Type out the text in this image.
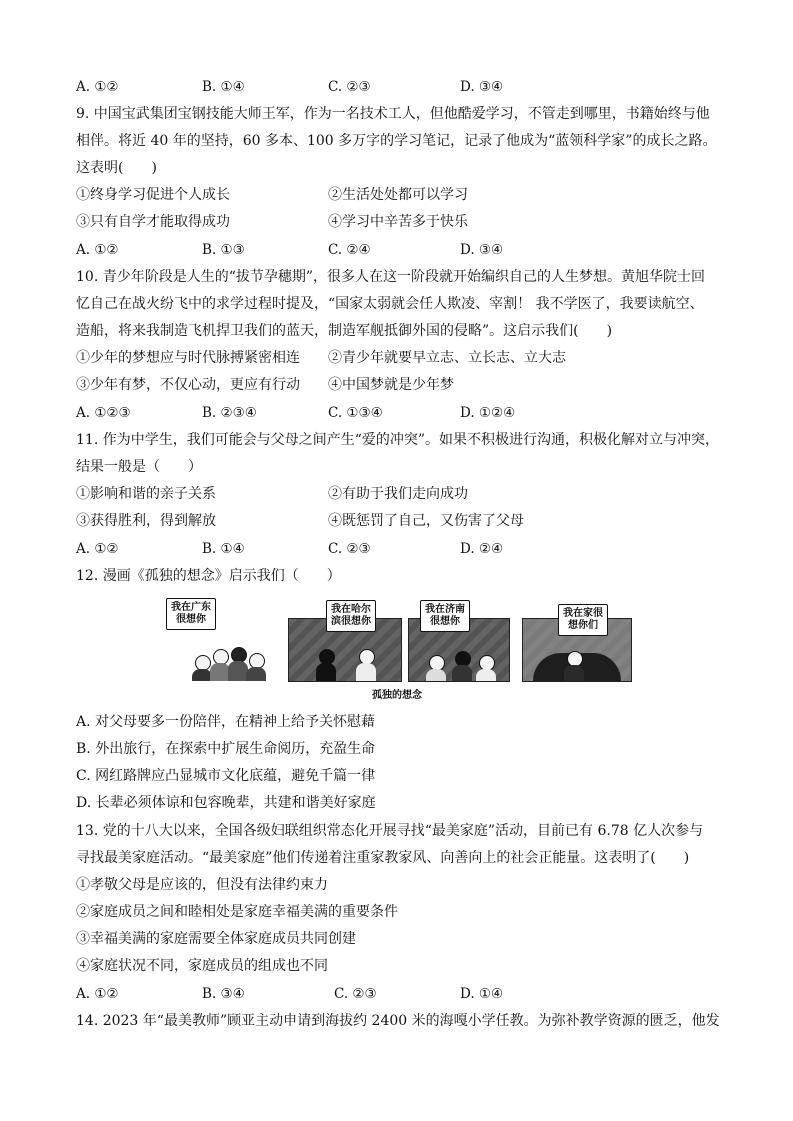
A. ①②	B. ①④	C. ②③	D. ③④
9. 中国宝武集团宝钢技能大师王军，作为一名技术工人，但他酷爱学习，不管走到哪里，书籍始终与他
相伴。将近 40 年的坚持，60 多本、100 多万字的学习笔记，记录了他成为“蓝领科学家”的成长之路。
这表明(　　)
①终身学习促进个人成长	②生活处处都可以学习
③只有自学才能取得成功	④学习中辛苦多于快乐
A. ①②	B. ①③	C. ②④	D. ③④
10. 青少年阶段是人生的“拔节孕穗期”，很多人在这一阶段就开始编织自己的人生梦想。黄旭华院士回
忆自己在战火纷飞中的求学过程时提及，“国家太弱就会任人欺凌、宰割！ 我不学医了，我要读航空、
造船，将来我制造飞机捍卫我们的蓝天，制造军舰抵御外国的侵略”。这启示我们(　　)
①少年的梦想应与时代脉搏紧密相连 ②青少年就要早立志、立长志、立大志
③少年有梦，不仅心动，更应有行动 ④中国梦就是少年梦
A. ①②③	B. ②③④	C. ①③④	D. ①②④
11. 作为中学生，我们可能会与父母之间产生“爱的冲突”。如果不积极进行沟通，积极化解对立与冲突，
结果一般是（　　）
①影响和谐的亲子关系	②有助于我们走向成功
③获得胜利，得到解放	④既惩罚了自己，又伤害了父母
A. ①②	B. ①④	C. ②③	D. ②④
12. 漫画《孤独的想念》启示我们（　　）
我在广东
很想你
我在哈尔
滨很想你
我在济南
很想你
我在家很
想你们
孤独的想念
A. 对父母要多一份陪伴，在精神上给予关怀慰藉
B. 外出旅行，在探索中扩展生命阅历，充盈生命
C. 网红路牌应凸显城市文化底蕴，避免千篇一律
D. 长辈必须体谅和包容晚辈，共建和谐美好家庭
13. 党的十八大以来，全国各级妇联组织常态化开展寻找“最美家庭”活动，目前已有 6.78 亿人次参与
寻找最美家庭活动。“最美家庭”他们传递着注重家教家风、向善向上的社会正能量。这表明了(　　)
①孝敬父母是应该的，但没有法律约束力
②家庭成员之间和睦相处是家庭幸福美满的重要条件
③幸福美满的家庭需要全体家庭成员共同创建
④家庭状况不同，家庭成员的组成也不同
A. ①②	B. ③④	C. ②③	D. ①④
14. 2023 年“最美教师”顾亚主动申请到海拔约 2400 米的海嘎小学任教。为弥补教学资源的匮乏，他发
